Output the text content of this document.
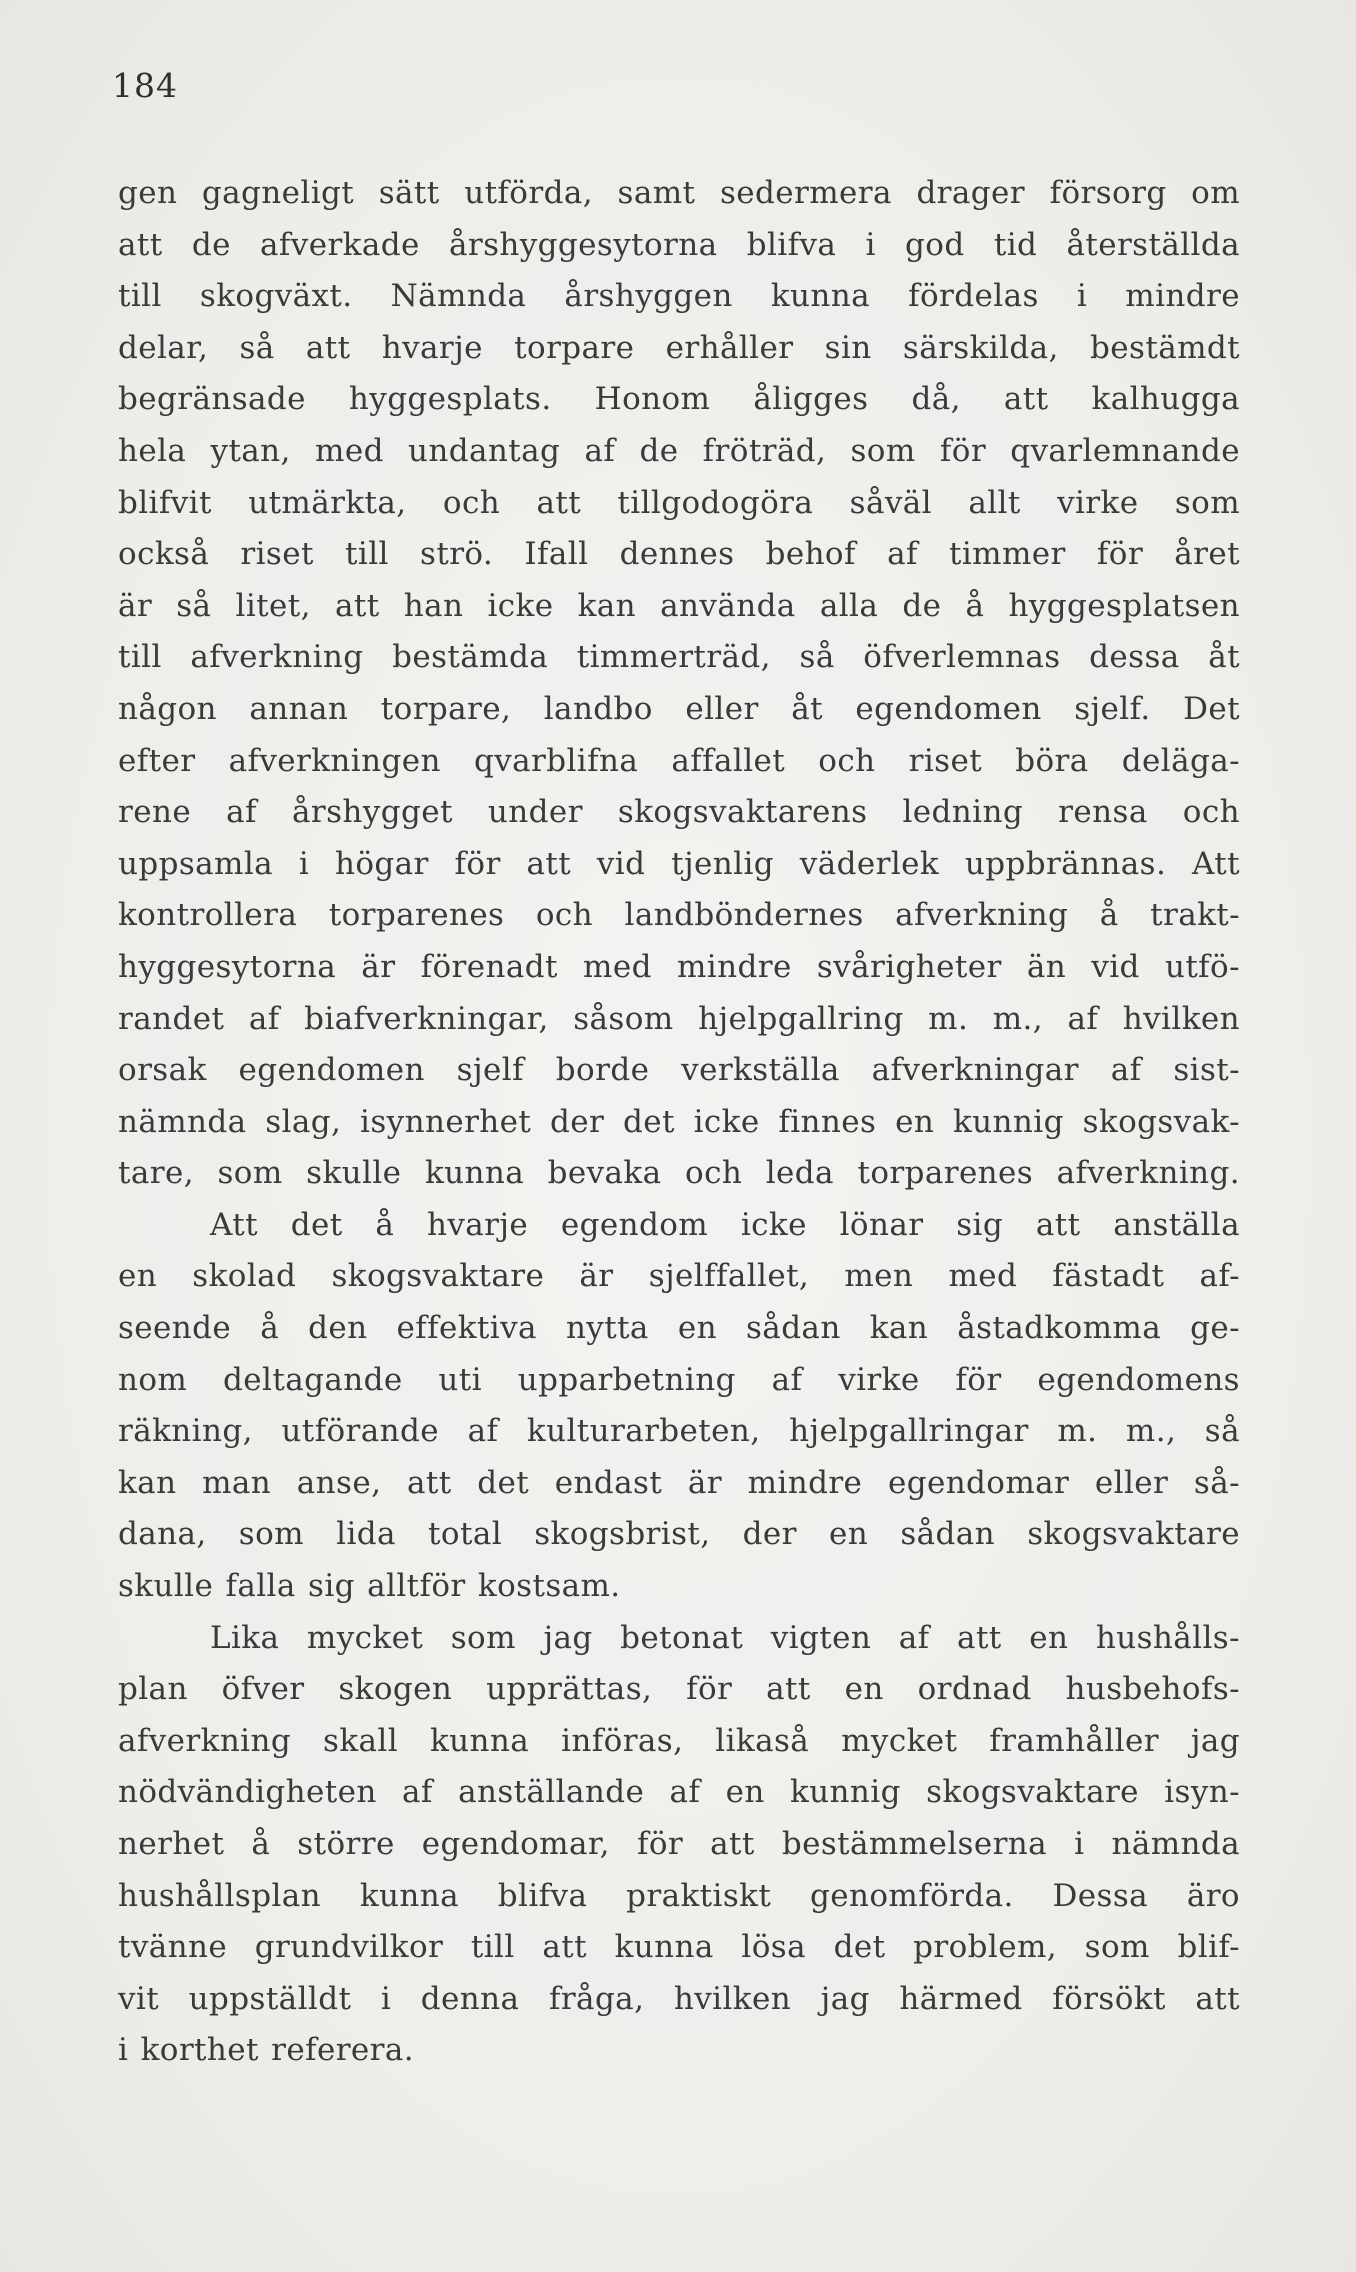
184
gen gagneligt sätt utförda, samt sedermera drager försorg om
att de afverkade årshyggesytorna blifva i god tid återställda
till skogväxt. Nämnda årshyggen kunna fördelas i mindre
delar, så att hvarje torpare erhåller sin särskilda, bestämdt
begränsade hyggesplats. Honom åligges då, att kalhugga
hela ytan, med undantag af de fröträd, som för qvarlemnande
blifvit utmärkta, och att tillgodogöra såväl allt virke som
också riset till strö. Ifall dennes behof af timmer för året
är så litet, att han icke kan använda alla de å hyggesplatsen
till afverkning bestämda timmerträd, så öfverlemnas dessa åt
någon annan torpare, landbo eller åt egendomen sjelf. Det
efter afverkningen qvarblifna affallet och riset böra deläga-
rene af årshygget under skogsvaktarens ledning rensa och
uppsamla i högar för att vid tjenlig väderlek uppbrännas. Att
kontrollera torparenes och landböndernes afverkning å trakt-
hyggesytorna är förenadt med mindre svårigheter än vid utfö-
randet af biafverkningar, såsom hjelpgallring m. m., af hvilken
orsak egendomen sjelf borde verkställa afverkningar af sist-
nämnda slag, isynnerhet der det icke finnes en kunnig skogsvak-
tare, som skulle kunna bevaka och leda torparenes afverkning.
Att det å hvarje egendom icke lönar sig att anställa
en skolad skogsvaktare är sjelffallet, men med fästadt af-
seende å den effektiva nytta en sådan kan åstadkomma ge-
nom deltagande uti upparbetning af virke för egendomens
räkning, utförande af kulturarbeten, hjelpgallringar m. m., så
kan man anse, att det endast är mindre egendomar eller så-
dana, som lida total skogsbrist, der en sådan skogsvaktare
skulle falla sig alltför kostsam.
Lika mycket som jag betonat vigten af att en hushålls-
plan öfver skogen upprättas, för att en ordnad husbehofs-
afverkning skall kunna införas, likaså mycket framhåller jag
nödvändigheten af anställande af en kunnig skogsvaktare isyn-
nerhet å större egendomar, för att bestämmelserna i nämnda
hushållsplan kunna blifva praktiskt genomförda. Dessa äro
tvänne grundvilkor till att kunna lösa det problem, som blif-
vit uppställdt i denna fråga, hvilken jag härmed försökt att
i korthet referera.
